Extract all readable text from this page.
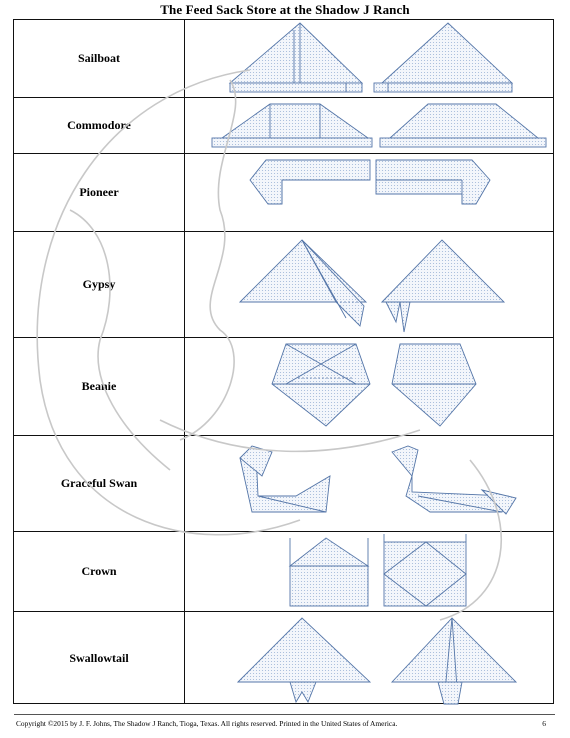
The Feed Sack Store at the Shadow J Ranch
Sailboat
Commodore
Pioneer
Gypsy
Beanie
Graceful Swan
Crown
Swallowtail
Copyright ©2015 by J. F. Johns, The Shadow J Ranch, Tioga, Texas. All rights reserved. Printed in the United States of America.	6
